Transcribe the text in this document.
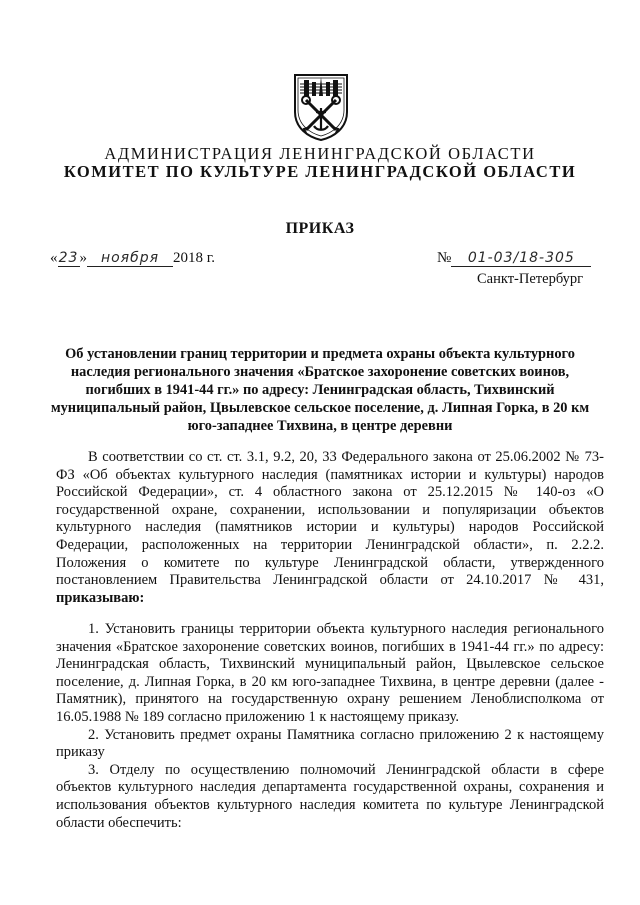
АДМИНИСТРАЦИЯ ЛЕНИНГРАДСКОЙ ОБЛАСТИ
КОМИТЕТ ПО КУЛЬТУРЕ ЛЕНИНГРАДСКОЙ ОБЛАСТИ
ПРИКАЗ
«23» ноября 2018 г.	№ 01-03/18-305
Санкт-Петербург
Об установлении границ территории и предмета охраны объекта культурного наследия регионального значения «Братское захоронение советских воинов, погибших в 1941-44 гг.» по адресу: Ленинградская область, Тихвинский муниципальный район, Цвылевское сельское поселение, д. Липная Горка, в 20 км юго-западнее Тихвина, в центре деревни

В соответствии со ст. ст. 3.1, 9.2, 20, 33 Федерального закона от 25.06.2002 № 73-ФЗ «Об объектах культурного наследия (памятниках истории и культуры) народов Российской Федерации», ст. 4 областного закона от 25.12.2015 № 140-оз «О государственной охране, сохранении, использовании и популяризации объектов культурного наследия (памятников истории и культуры) народов Российской Федерации, расположенных на территории Ленинградской области», п. 2.2.2. Положения о комитете по культуре Ленинградской области, утвержденного постановлением Правительства Ленинградской области от 24.10.2017 № 431, приказываю:

1. Установить границы территории объекта культурного наследия регионального значения «Братское захоронение советских воинов, погибших в 1941-44 гг.» по адресу: Ленинградская область, Тихвинский муниципальный район, Цвылевское сельское поселение, д. Липная Горка, в 20 км юго-западнее Тихвина, в центре деревни (далее - Памятник), принятого на государственную охрану решением Леноблисполкома от 16.05.1988 № 189 согласно приложению 1 к настоящему приказу.

2. Установить предмет охраны Памятника согласно приложению 2 к настоящему приказу

3. Отделу по осуществлению полномочий Ленинградской области в сфере объектов культурного наследия департамента государственной охраны, сохранения и использования объектов культурного наследия комитета по культуре Ленинградской области обеспечить:
